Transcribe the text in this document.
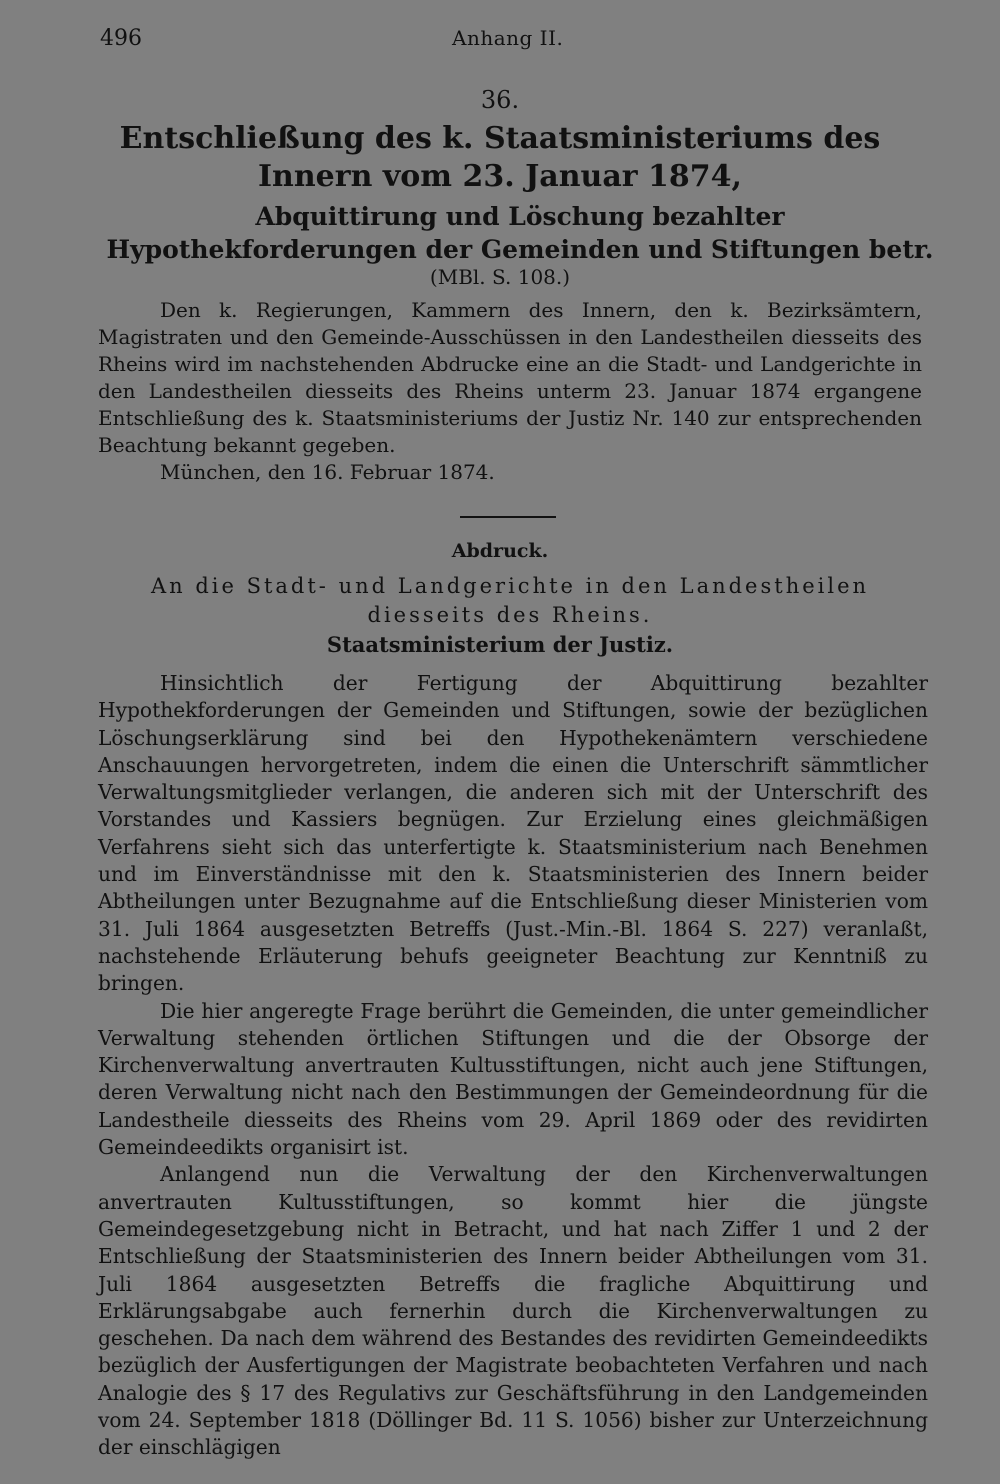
496	Anhang II.
36.
Entschließung des k. Staatsministeriums des Innern vom 23. Januar 1874,
Abquittirung und Löschung bezahlter Hypothekforderungen der Gemeinden und Stiftungen betr.
(MBl. S. 108.)

Den k. Regierungen, Kammern des Innern, den k. Bezirksämtern, Magistraten und den Gemeinde-Ausschüssen in den Landestheilen diesseits des Rheins wird im nachstehenden Abdrucke eine an die Stadt- und Landgerichte in den Landestheilen diesseits des Rheins unterm 23. Januar 1874 ergangene Entschließung des k. Staatsministeriums der Justiz Nr. 140 zur entsprechenden Beachtung bekannt gegeben.

München, den 16. Februar 1874.

Abdruck.
An die Stadt- und Landgerichte in den Landestheilen diesseits des Rheins.
Staatsministerium der Justiz.

Hinsichtlich der Fertigung der Abquittirung bezahlter Hypothekforderungen der Gemeinden und Stiftungen, sowie der bezüglichen Löschungserklärung sind bei den Hypothekenämtern verschiedene Anschauungen hervorgetreten, indem die einen die Unterschrift sämmtlicher Verwaltungsmitglieder verlangen, die anderen sich mit der Unterschrift des Vorstandes und Kassiers begnügen. Zur Erzielung eines gleichmäßigen Verfahrens sieht sich das unterfertigte k. Staatsministerium nach Benehmen und im Einverständnisse mit den k. Staatsministerien des Innern beider Abtheilungen unter Bezugnahme auf die Entschließung dieser Ministerien vom 31. Juli 1864 ausgesetzten Betreffs (Just.-Min.-Bl. 1864 S. 227) veranlaßt, nachstehende Erläuterung behufs geeigneter Beachtung zur Kenntniß zu bringen.

Die hier angeregte Frage berührt die Gemeinden, die unter gemeindlicher Verwaltung stehenden örtlichen Stiftungen und die der Obsorge der Kirchenverwaltung anvertrauten Kultusstiftungen, nicht auch jene Stiftungen, deren Verwaltung nicht nach den Bestimmungen der Gemeindeordnung für die Landestheile diesseits des Rheins vom 29. April 1869 oder des revidirten Gemeindeedikts organisirt ist.

Anlangend nun die Verwaltung der den Kirchenverwaltungen anvertrauten Kultusstiftungen, so kommt hier die jüngste Gemeindegesetzgebung nicht in Betracht, und hat nach Ziffer 1 und 2 der Entschließung der Staatsministerien des Innern beider Abtheilungen vom 31. Juli 1864 ausgesetzten Betreffs die fragliche Abquittirung und Erklärungsabgabe auch fernerhin durch die Kirchenverwaltungen zu geschehen. Da nach dem während des Bestandes des revidirten Gemeindeedikts bezüglich der Ausfertigungen der Magistrate beobachteten Verfahren und nach Analogie des § 17 des Regulativs zur Geschäftsführung in den Landgemeinden vom 24. September 1818 (Döllinger Bd. 11 S. 1056) bisher zur Unterzeichnung der einschlägigen
